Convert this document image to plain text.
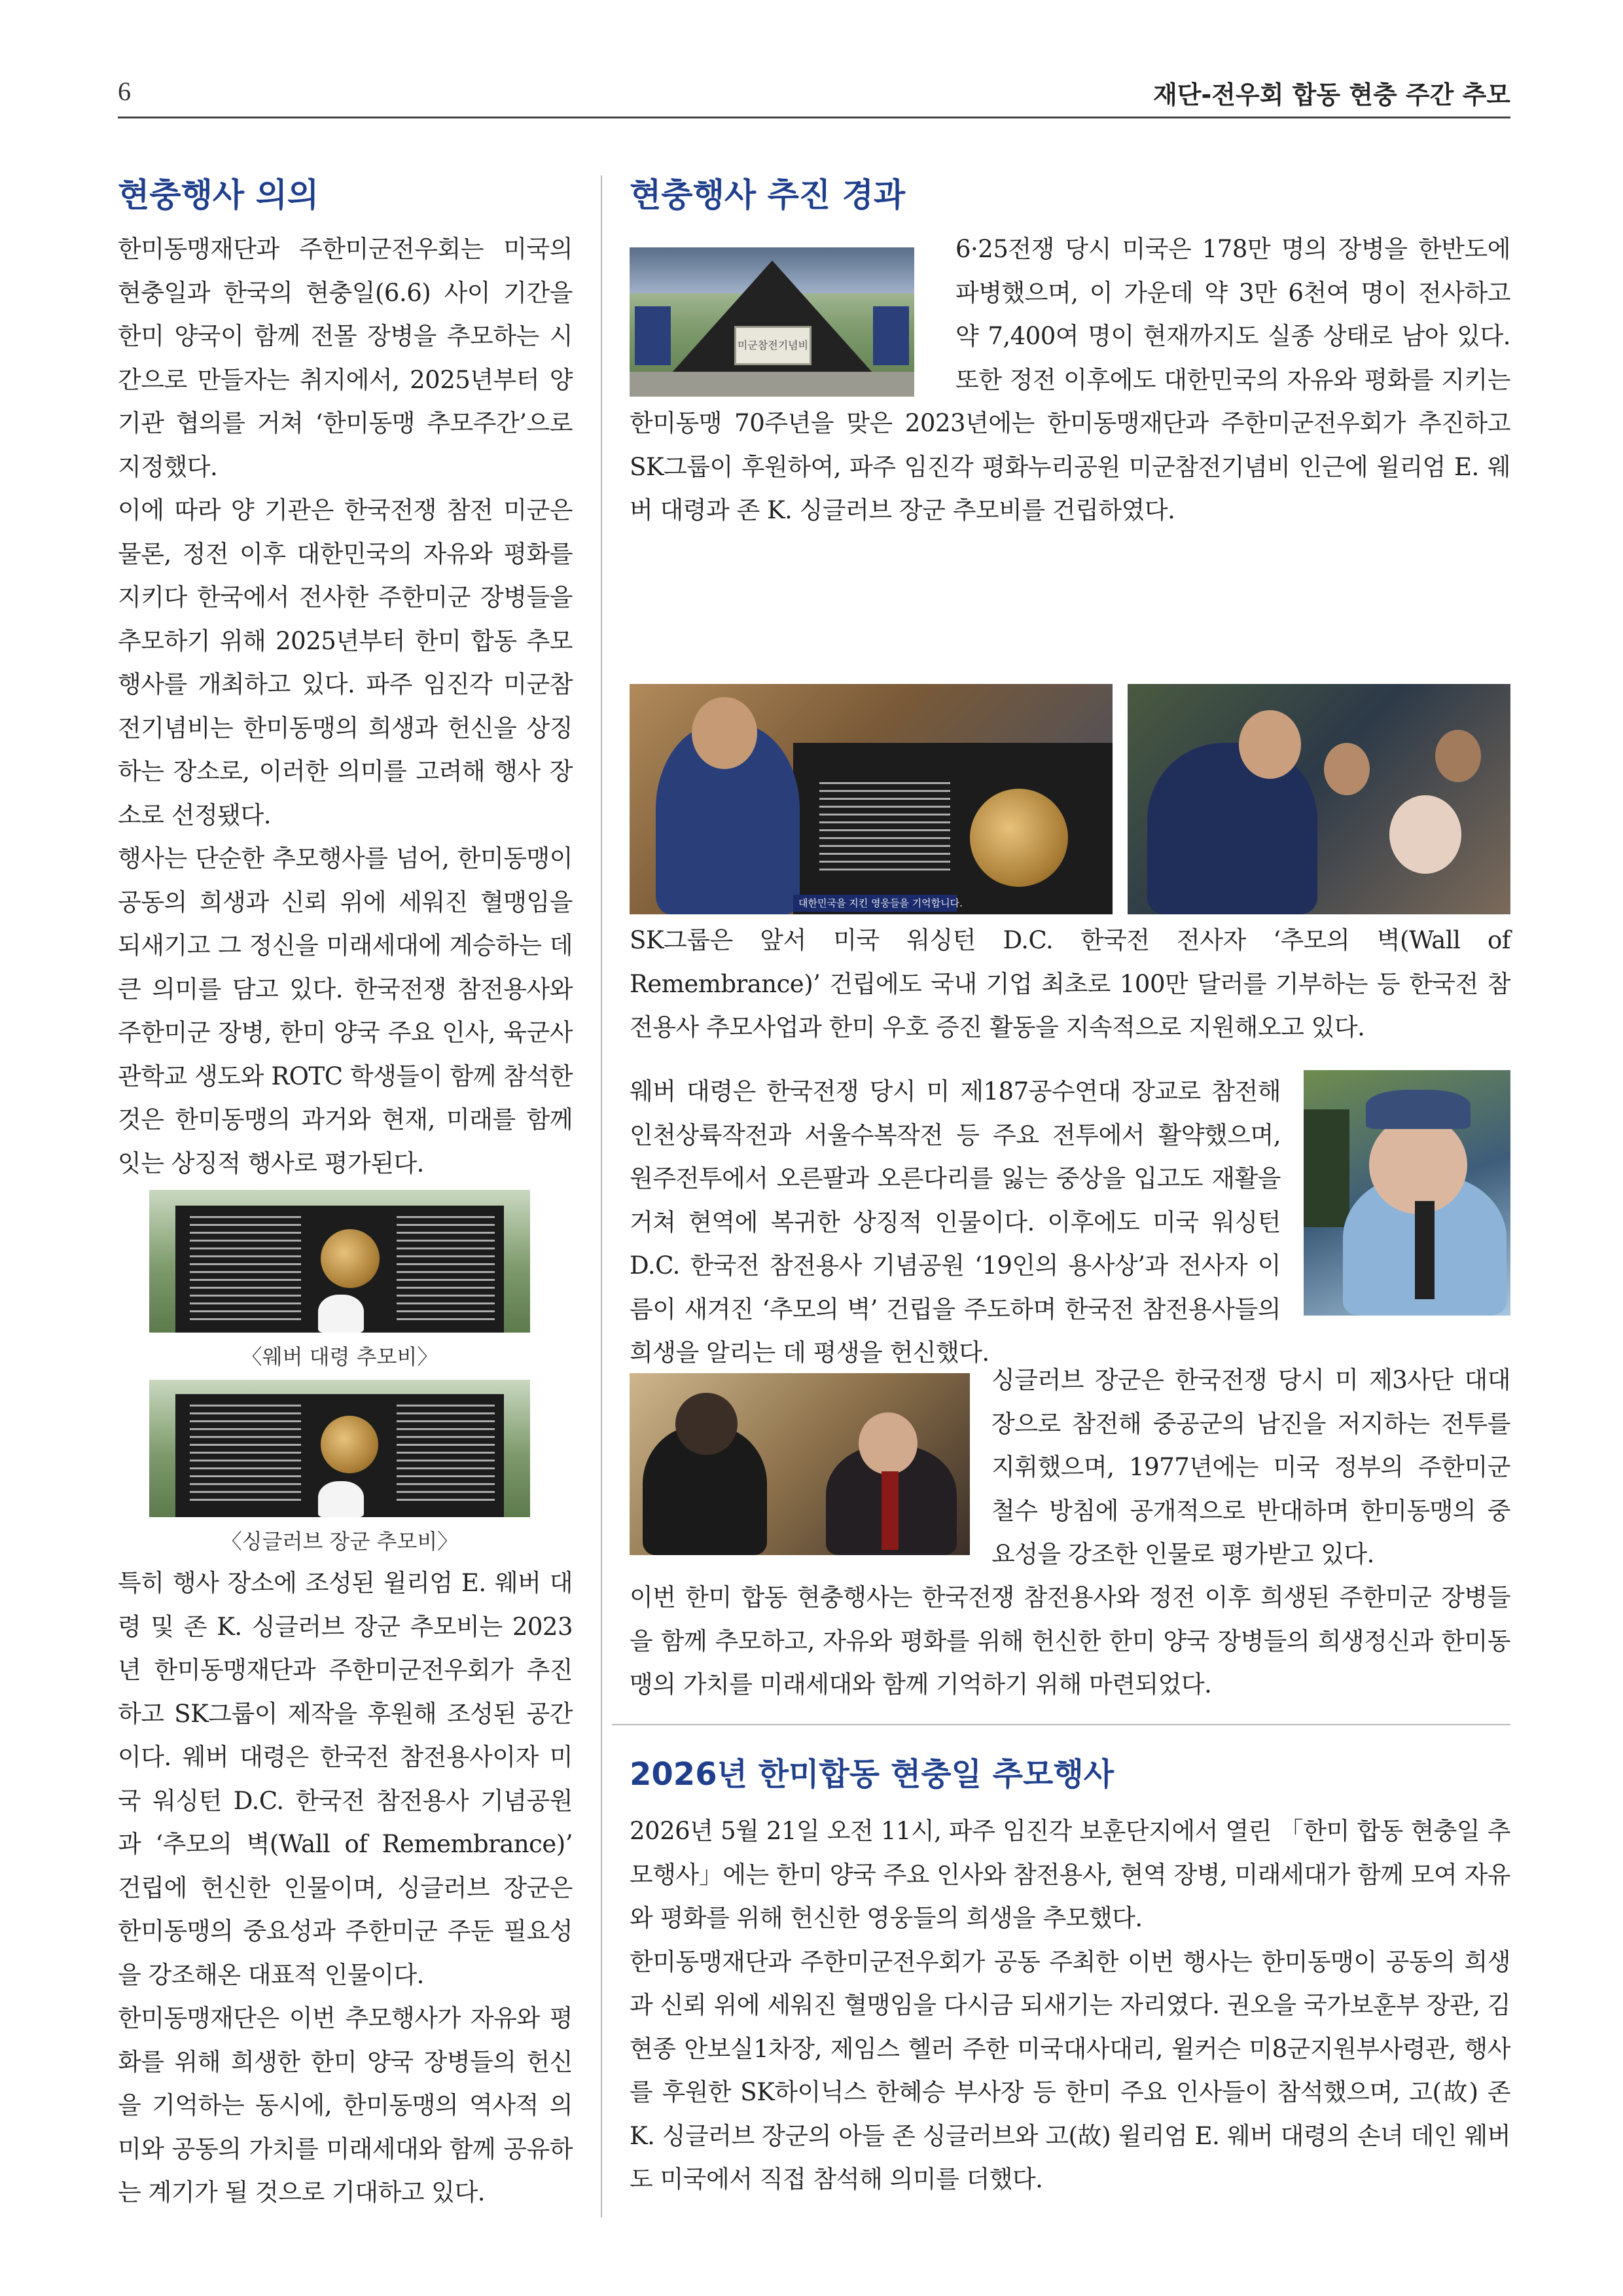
6	재단-전우회 합동 현충 주간 추모
현충행사 의의

한미동맹재단과 주한미군전우회는 미국의 현충일과 한국의 현충일(6.6) 사이 기간을 한미 양국이 함께 전몰 장병을 추모하는 시간으로 만들자는 취지에서, 2025년부터 양 기관 협의를 거쳐 ‘한미동맹 추모주간’으로 지정했다.

이에 따라 양 기관은 한국전쟁 참전 미군은 물론, 정전 이후 대한민국의 자유와 평화를 지키다 한국에서 전사한 주한미군 장병들을 추모하기 위해 2025년부터 한미 합동 추모행사를 개최하고 있다. 파주 임진각 미군참전기념비는 한미동맹의 희생과 헌신을 상징하는 장소로, 이러한 의미를 고려해 행사 장소로 선정됐다.

행사는 단순한 추모행사를 넘어, 한미동맹이 공동의 희생과 신뢰 위에 세워진 혈맹임을 되새기고 그 정신을 미래세대에 계승하는 데 큰 의미를 담고 있다. 한국전쟁 참전용사와 주한미군 장병, 한미 양국 주요 인사, 육군사관학교 생도와 ROTC 학생들이 함께 참석한 것은 한미동맹의 과거와 현재, 미래를 함께 잇는 상징적 행사로 평가된다.

〈웨버 대령 추모비〉
〈싱글러브 장군 추모비〉

특히 행사 장소에 조성된 윌리엄 E. 웨버 대령 및 존 K. 싱글러브 장군 추모비는 2023년 한미동맹재단과 주한미군전우회가 추진하고 SK그룹이 제작을 후원해 조성된 공간이다. 웨버 대령은 한국전 참전용사이자 미국 워싱턴 D.C. 한국전 참전용사 기념공원과 ‘추모의 벽(Wall of Remembrance)’ 건립에 헌신한 인물이며, 싱글러브 장군은 한미동맹의 중요성과 주한미군 주둔 필요성을 강조해온 대표적 인물이다.

한미동맹재단은 이번 추모행사가 자유와 평화를 위해 희생한 한미 양국 장병들의 헌신을 기억하는 동시에, 한미동맹의 역사적 의미와 공동의 가치를 미래세대와 함께 공유하는 계기가 될 것으로 기대하고 있다.

현충행사 추진 경과
미군참전기념비

6·25전쟁 당시 미국은 178만 명의 장병을 한반도에 파병했으며, 이 가운데 약 3만 6천여 명이 전사하고 약 7,400여 명이 현재까지도 실종 상태로 남아 있다. 또한 정전 이후에도 대한민국의 자유와 평화를 지키는

한미동맹 70주년을 맞은 2023년에는 한미동맹재단과 주한미군전우회가 추진하고 SK그룹이 후원하여, 파주 임진각 평화누리공원 미군참전기념비 인근에 윌리엄 E. 웨버 대령과 존 K. 싱글러브 장군 추모비를 건립하였다.

대한민국을 지킨 영웅들을 기억합니다.

SK그룹은 앞서 미국 워싱턴 D.C. 한국전 전사자 ‘추모의 벽(Wall of Remembrance)’ 건립에도 국내 기업 최초로 100만 달러를 기부하는 등 한국전 참전용사 추모사업과 한미 우호 증진 활동을 지속적으로 지원해오고 있다.

웨버 대령은 한국전쟁 당시 미 제187공수연대 장교로 참전해 인천상륙작전과 서울수복작전 등 주요 전투에서 활약했으며, 원주전투에서 오른팔과 오른다리를 잃는 중상을 입고도 재활을 거쳐 현역에 복귀한 상징적 인물이다. 이후에도 미국 워싱턴 D.C. 한국전 참전용사 기념공원 ‘19인의 용사상’과 전사자 이름이 새겨진 ‘추모의 벽’ 건립을 주도하며 한국전 참전용사들의 희생을 알리는 데 평생을 헌신했다.

싱글러브 장군은 한국전쟁 당시 미 제3사단 대대장으로 참전해 중공군의 남진을 저지하는 전투를 지휘했으며, 1977년에는 미국 정부의 주한미군 철수 방침에 공개적으로 반대하며 한미동맹의 중요성을 강조한 인물로 평가받고 있다.

이번 한미 합동 현충행사는 한국전쟁 참전용사와 정전 이후 희생된 주한미군 장병들을 함께 추모하고, 자유와 평화를 위해 헌신한 한미 양국 장병들의 희생정신과 한미동맹의 가치를 미래세대와 함께 기억하기 위해 마련되었다.

2026년 한미합동 현충일 추모행사

2026년 5월 21일 오전 11시, 파주 임진각 보훈단지에서 열린 「한미 합동 현충일 추모행사」에는 한미 양국 주요 인사와 참전용사, 현역 장병, 미래세대가 함께 모여 자유와 평화를 위해 헌신한 영웅들의 희생을 추모했다.

한미동맹재단과 주한미군전우회가 공동 주최한 이번 행사는 한미동맹이 공동의 희생과 신뢰 위에 세워진 혈맹임을 다시금 되새기는 자리였다. 권오을 국가보훈부 장관, 김현종 안보실1차장, 제임스 헬러 주한 미국대사대리, 윌커슨 미8군지원부사령관, 행사를 후원한 SK하이닉스 한혜승 부사장 등 한미 주요 인사들이 참석했으며, 고(故) 존 K. 싱글러브 장군의 아들 존 싱글러브와 고(故) 윌리엄 E. 웨버 대령의 손녀 데인 웨버도 미국에서 직접 참석해 의미를 더했다.
